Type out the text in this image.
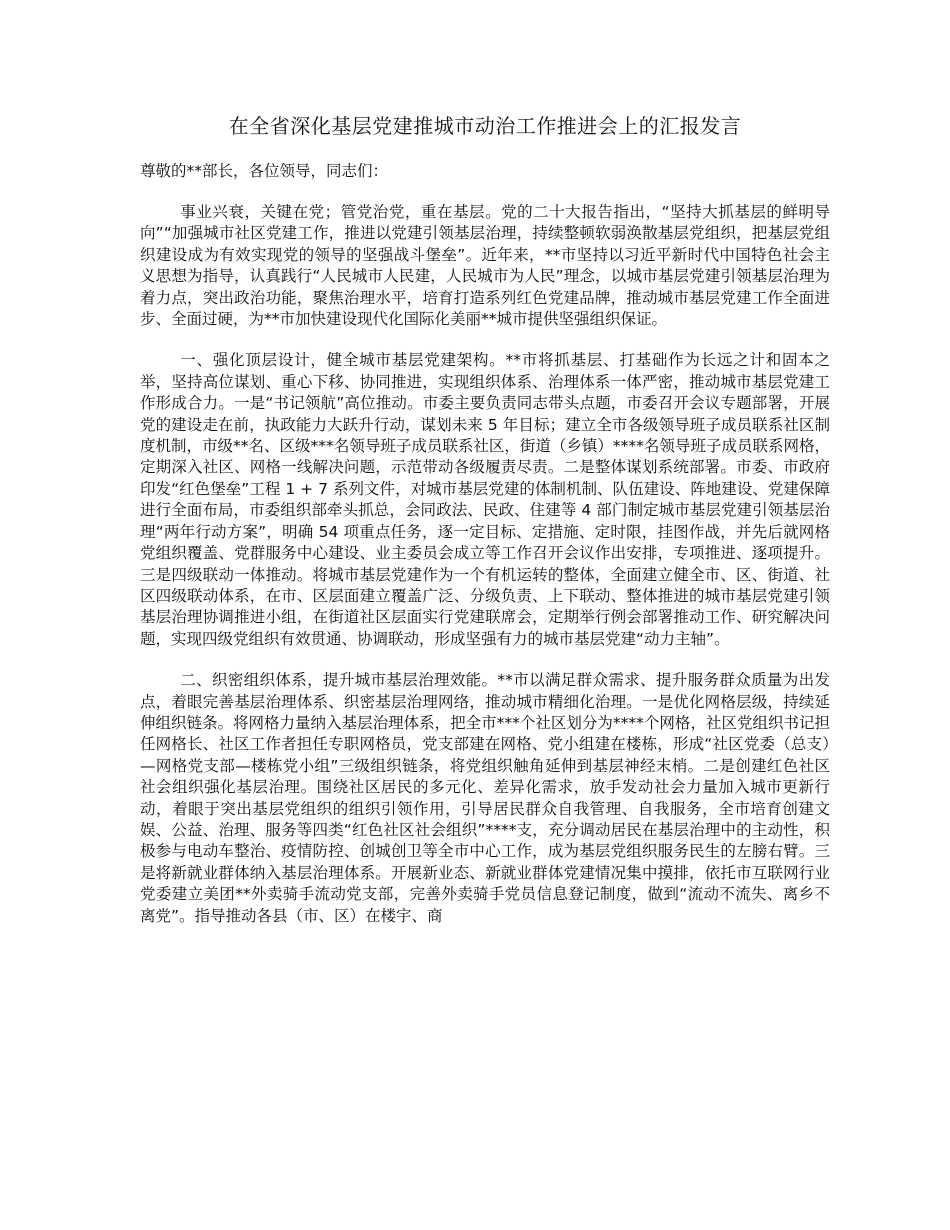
在全省深化基层党建推城市动治工作推进会上的汇报发言

尊敬的**部长，各位领导，同志们：

事业兴衰，关键在党；管党治党，重在基层。党的二十大报告指出，“坚持大抓基层的鲜明导向”“加强城市社区党建工作，推进以党建引领基层治理，持续整顿软弱涣散基层党组织，把基层党组织建设成为有效实现党的领导的坚强战斗堡垒”。近年来，**市坚持以习近平新时代中国特色社会主义思想为指导，认真践行“人民城市人民建，人民城市为人民”理念，以城市基层党建引领基层治理为着力点，突出政治功能，聚焦治理水平，培育打造系列红色党建品牌，推动城市基层党建工作全面进步、全面过硬，为**市加快建设现代化国际化美丽**城市提供坚强组织保证。

一、强化顶层设计，健全城市基层党建架构。**市将抓基层、打基础作为长远之计和固本之举，坚持高位谋划、重心下移、协同推进，实现组织体系、治理体系一体严密，推动城市基层党建工作形成合力。一是“书记领航”高位推动。市委主要负责同志带头点题，市委召开会议专题部署，开展党的建设走在前，执政能力大跃升行动，谋划未来 5 年目标；建立全市各级领导班子成员联系社区制度机制，市级**名、区级***名领导班子成员联系社区，街道（乡镇）****名领导班子成员联系网格，定期深入社区、网格一线解决问题，示范带动各级履责尽责。二是整体谋划系统部署。市委、市政府印发“红色堡垒”工程 1 + 7 系列文件，对城市基层党建的体制机制、队伍建设、阵地建设、党建保障进行全面布局，市委组织部牵头抓总，会同政法、民政、住建等 4 部门制定城市基层党建引领基层治理“两年行动方案”，明确 54 项重点任务，逐一定目标、定措施、定时限，挂图作战，并先后就网格党组织覆盖、党群服务中心建设、业主委员会成立等工作召开会议作出安排，专项推进、逐项提升。三是四级联动一体推动。将城市基层党建作为一个有机运转的整体，全面建立健全市、区、街道、社区四级联动体系，在市、区层面建立覆盖广泛、分级负责、上下联动、整体推进的城市基层党建引领基层治理协调推进小组，在街道社区层面实行党建联席会，定期举行例会部署推动工作、研究解决问题，实现四级党组织有效贯通、协调联动，形成坚强有力的城市基层党建“动力主轴”。

二、织密组织体系，提升城市基层治理效能。**市以满足群众需求、提升服务群众质量为出发点，着眼完善基层治理体系、织密基层治理网络，推动城市精细化治理。一是优化网格层级，持续延伸组织链条。将网格力量纳入基层治理体系，把全市***个社区划分为****个网格，社区党组织书记担任网格长、社区工作者担任专职网格员，党支部建在网格、党小组建在楼栋，形成“社区党委（总支）—网格党支部—楼栋党小组”三级组织链条，将党组织触角延伸到基层神经末梢。二是创建红色社区社会组织强化基层治理。围绕社区居民的多元化、差异化需求，放手发动社会力量加入城市更新行动，着眼于突出基层党组织的组织引领作用，引导居民群众自我管理、自我服务，全市培育创建文娱、公益、治理、服务等四类“红色社区社会组织”****支，充分调动居民在基层治理中的主动性，积极参与电动车整治、疫情防控、创城创卫等全市中心工作，成为基层党组织服务民生的左膀右臂。三是将新就业群体纳入基层治理体系。开展新业态、新就业群体党建情况集中摸排，依托市互联网行业党委建立美团**外卖骑手流动党支部，完善外卖骑手党员信息登记制度，做到“流动不流失、离乡不离党”。指导推动各县（市、区）在楼宇、商
